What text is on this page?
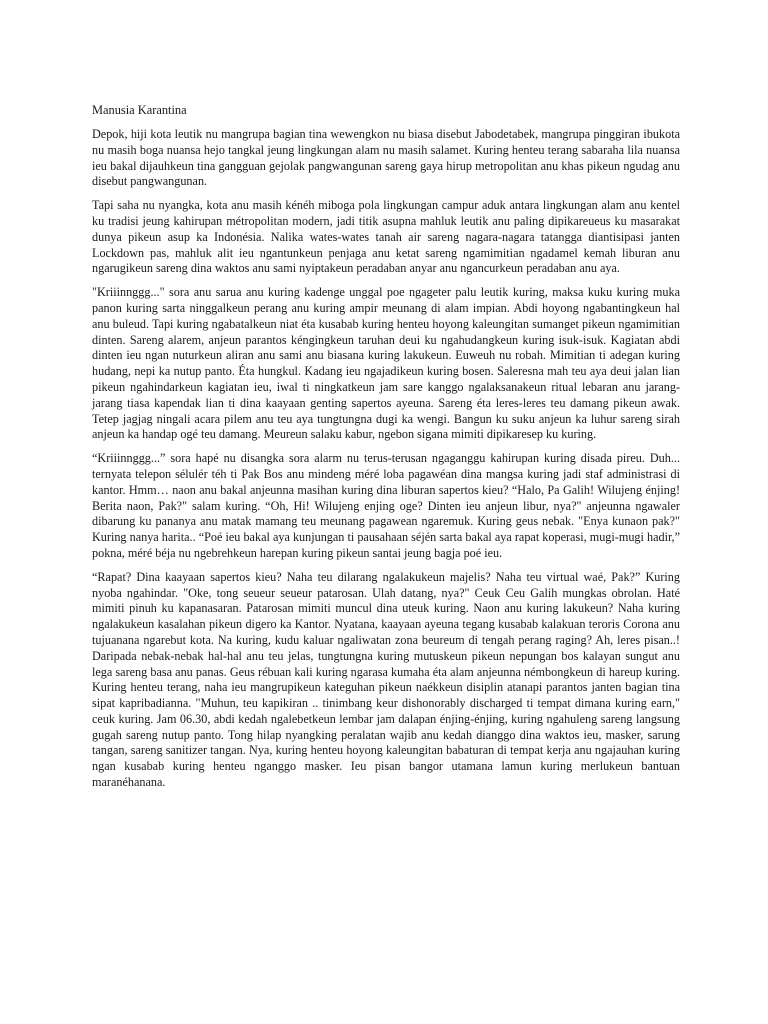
Manusia Karantina

Depok, hiji kota leutik nu mangrupa bagian tina wewengkon nu biasa disebut Jabodetabek, mangrupa pinggiran ibukota nu masih boga nuansa hejo tangkal jeung lingkungan alam nu masih salamet. Kuring henteu terang sabaraha lila nuansa ieu bakal dijauhkeun tina gangguan gejolak pangwangunan sareng gaya hirup metropolitan anu khas pikeun ngudag anu disebut pangwangunan.

Tapi saha nu nyangka, kota anu masih kénéh miboga pola lingkungan campur aduk antara lingkungan alam anu kentel ku tradisi jeung kahirupan métropolitan modern, jadi titik asupna mahluk leutik anu paling dipikareueus ku masarakat dunya pikeun asup ka Indonésia. Nalika wates-wates tanah air sareng nagara-nagara tatangga diantisipasi janten Lockdown pas, mahluk alit ieu ngantunkeun penjaga anu ketat sareng ngamimitian ngadamel kemah liburan anu ngarugikeun sareng dina waktos anu sami nyiptakeun peradaban anyar anu ngancurkeun peradaban anu aya.

"Kriiinnggg..." sora anu sarua anu kuring kadenge unggal poe ngageter palu leutik kuring, maksa kuku kuring muka panon kuring sarta ninggalkeun perang anu kuring ampir meunang di alam impian. Abdi hoyong ngabantingkeun hal anu buleud. Tapi kuring ngabatalkeun niat éta kusabab kuring henteu hoyong kaleungitan sumanget pikeun ngamimitian dinten. Sareng alarem, anjeun parantos kéngingkeun taruhan deui ku ngahudangkeun kuring isuk-isuk. Kagiatan abdi dinten ieu ngan nuturkeun aliran anu sami anu biasana kuring lakukeun. Euweuh nu robah. Mimitian ti adegan kuring hudang, nepi ka nutup panto. Éta hungkul. Kadang ieu ngajadikeun kuring bosen. Saleresna mah teu aya deui jalan lian pikeun ngahindarkeun kagiatan ieu, iwal ti ningkatkeun jam sare kanggo ngalaksanakeun ritual lebaran anu jarang-jarang tiasa kapendak lian ti dina kaayaan genting sapertos ayeuna. Sareng éta leres-leres teu damang pikeun awak. Tetep jagjag ningali acara pilem anu teu aya tungtungna dugi ka wengi. Bangun ku suku anjeun ka luhur sareng sirah anjeun ka handap ogé teu damang. Meureun salaku kabur, ngebon sigana mimiti dipikaresep ku kuring.

“Kriiinnggg...” sora hapé nu disangka sora alarm nu terus-terusan ngaganggu kahirupan kuring disada pireu. Duh... ternyata telepon sélulér téh ti Pak Bos anu mindeng méré loba pagawéan dina mangsa kuring jadi staf administrasi di kantor. Hmm… naon anu bakal anjeunna masihan kuring dina liburan sapertos kieu? “Halo, Pa Galih! Wilujeng énjing! Berita naon, Pak?" salam kuring. “Oh, Hi! Wilujeng enjing oge? Dinten ieu anjeun libur, nya?" anjeunna ngawaler dibarung ku pananya anu matak mamang teu meunang pagawean ngaremuk. Kuring geus nebak. "Enya kunaon pak?" Kuring nanya harita.. “Poé ieu bakal aya kunjungan ti pausahaan séjén sarta bakal aya rapat koperasi, mugi-mugi hadir,” pokna, méré béja nu ngebrehkeun harepan kuring pikeun santai jeung bagja poé ieu.

“Rapat? Dina kaayaan sapertos kieu? Naha teu dilarang ngalakukeun majelis? Naha teu virtual waé, Pak?” Kuring nyoba ngahindar. "Oke, tong seueur seueur patarosan. Ulah datang, nya?" Ceuk Ceu Galih mungkas obrolan. Haté mimiti pinuh ku kapanasaran. Patarosan mimiti muncul dina uteuk kuring. Naon anu kuring lakukeun? Naha kuring ngalakukeun kasalahan pikeun digero ka Kantor. Nyatana, kaayaan ayeuna tegang kusabab kalakuan teroris Corona anu tujuanana ngarebut kota. Na kuring, kudu kaluar ngaliwatan zona beureum di tengah perang raging? Ah, leres pisan..! Daripada nebak-nebak hal-hal anu teu jelas, tungtungna kuring mutuskeun pikeun nepungan bos kalayan sungut anu lega sareng basa anu panas. Geus rébuan kali kuring ngarasa kumaha éta alam anjeunna némbongkeun di hareup kuring. Kuring henteu terang, naha ieu mangrupikeun kateguhan pikeun naékkeun disiplin atanapi parantos janten bagian tina sipat kapribadianna. "Muhun, teu kapikiran .. tinimbang keur dishonorably discharged ti tempat dimana kuring earn," ceuk kuring. Jam 06.30, abdi kedah ngalebetkeun lembar jam dalapan énjing-énjing, kuring ngahuleng sareng langsung gugah sareng nutup panto. Tong hilap nyangking peralatan wajib anu kedah dianggo dina waktos ieu, masker, sarung tangan, sareng sanitizer tangan. Nya, kuring henteu hoyong kaleungitan babaturan di tempat kerja anu ngajauhan kuring ngan kusabab kuring henteu nganggo masker. Ieu pisan bangor utamana lamun kuring merlukeun bantuan maranéhanana.
